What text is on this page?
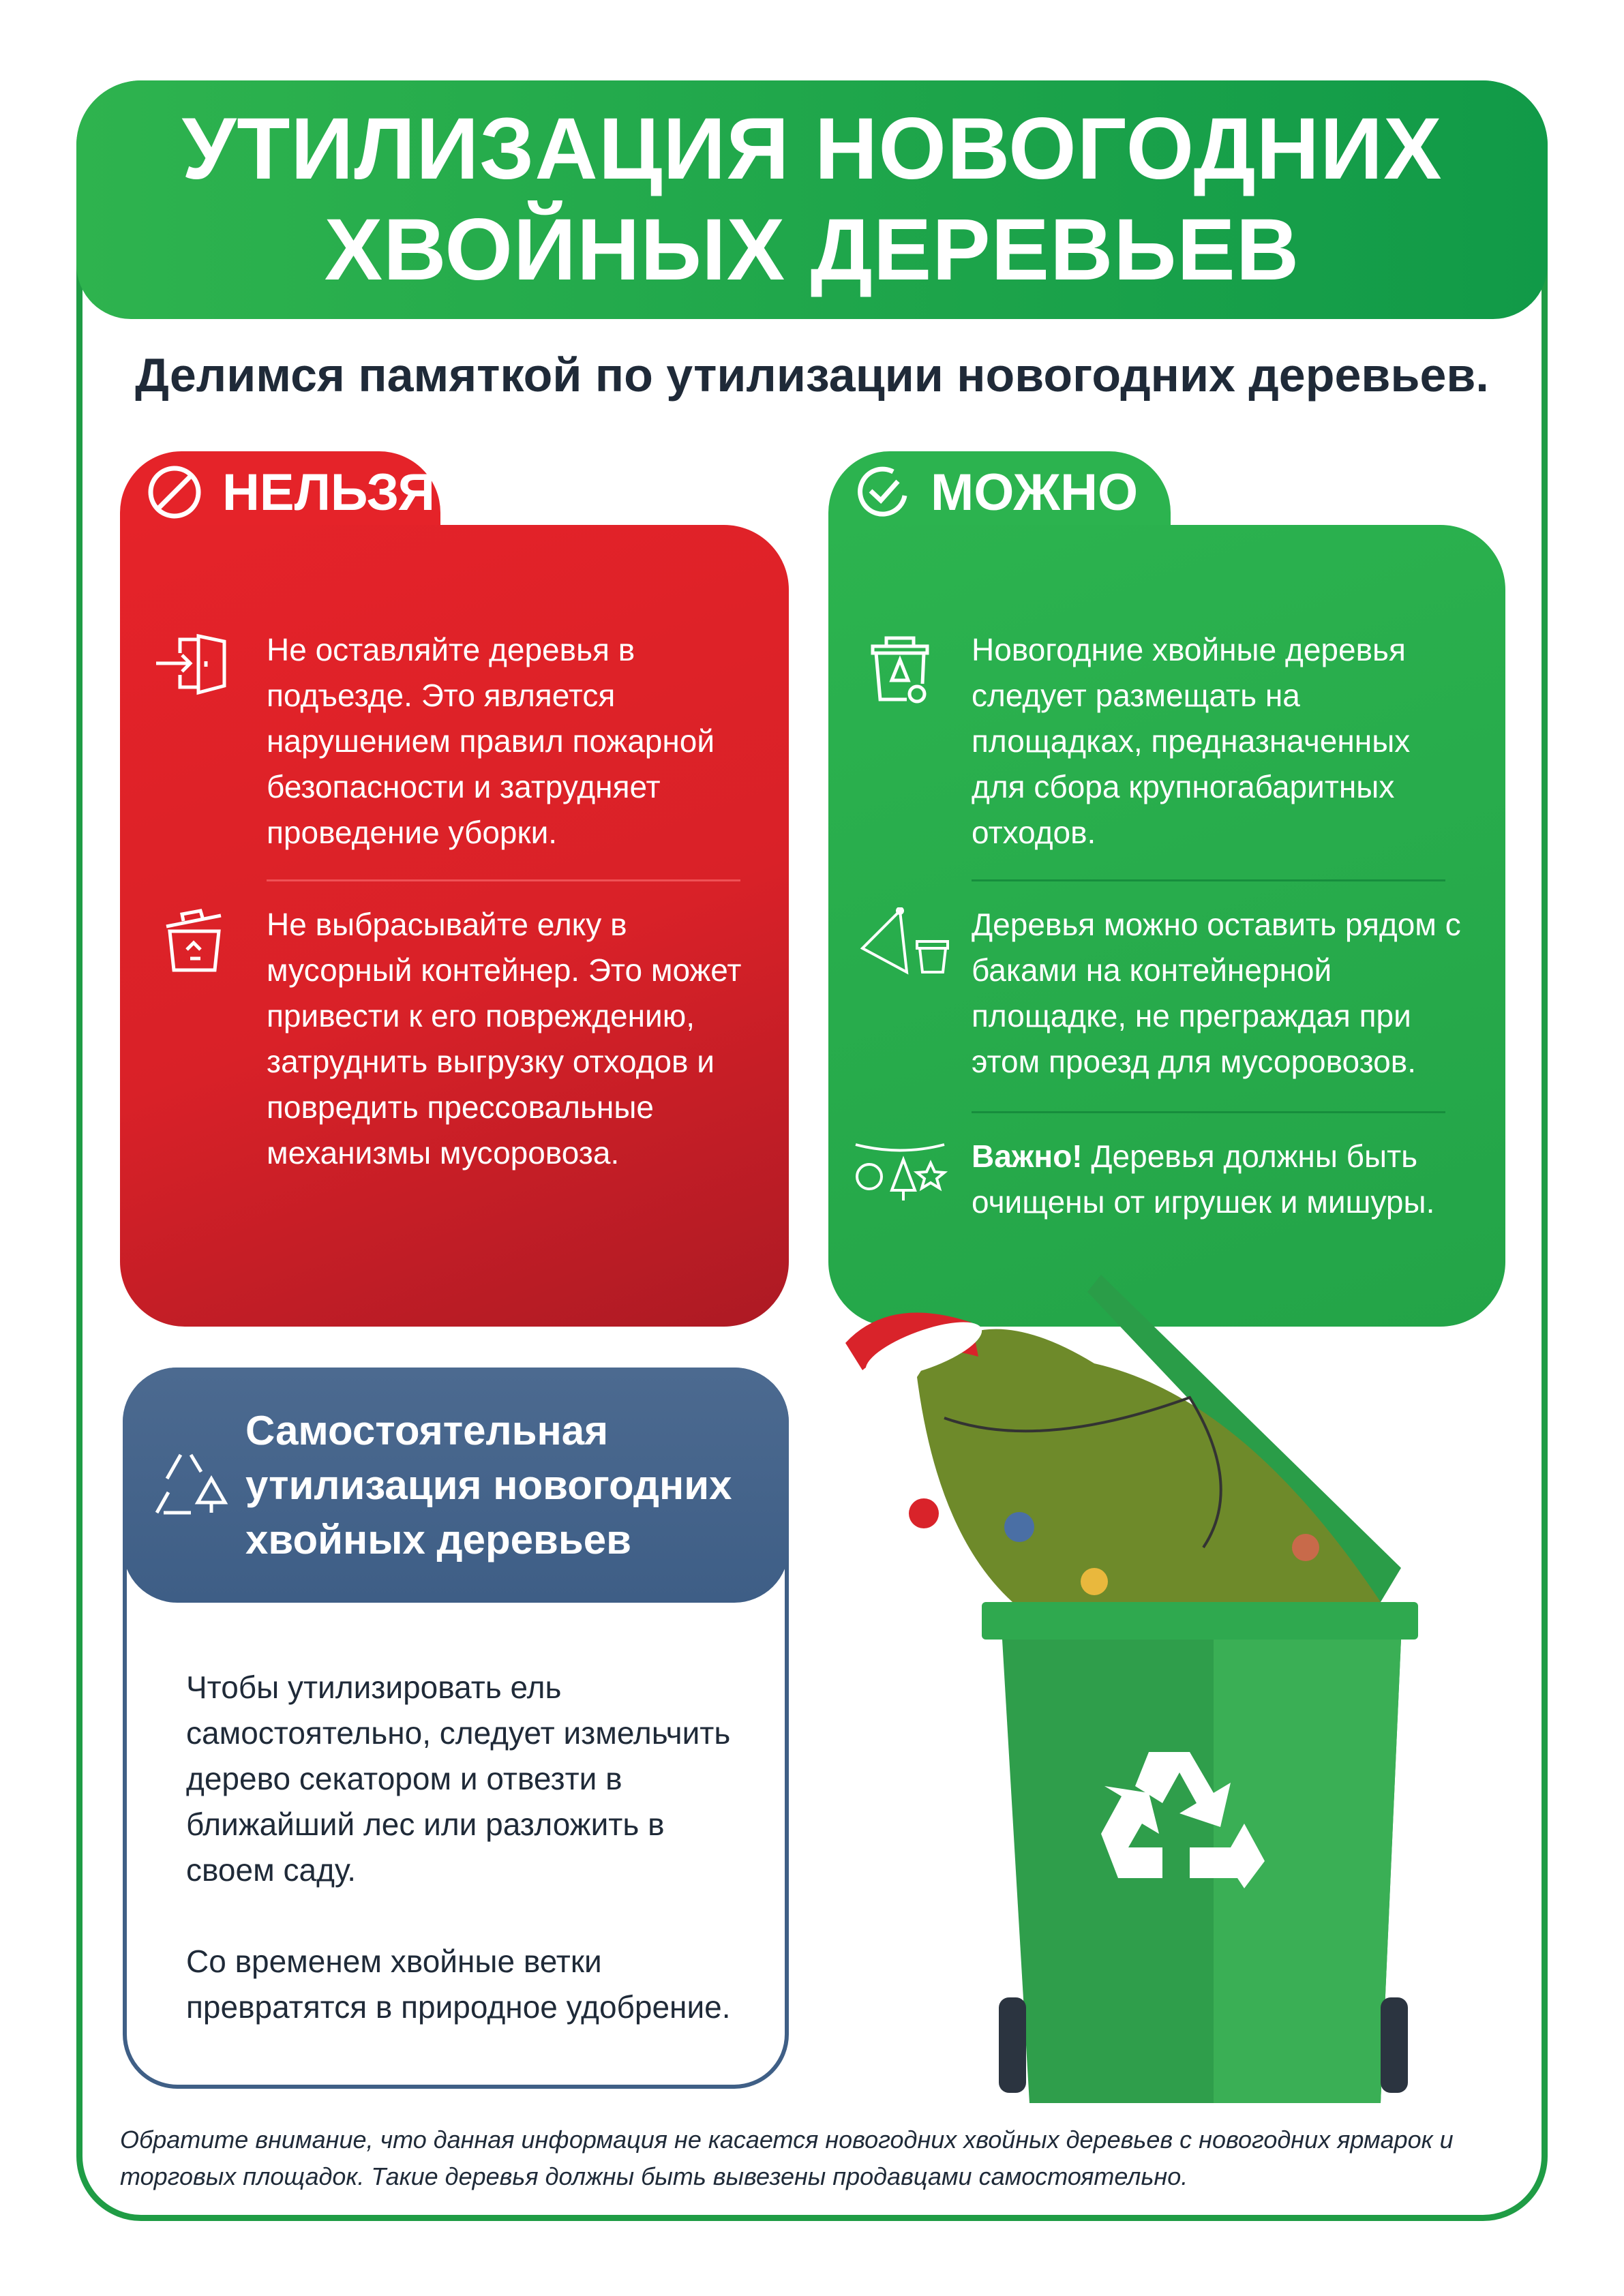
УТИЛИЗАЦИЯ НОВОГОДНИХ
ХВОЙНЫХ ДЕРЕВЬЕВ
Делимся памяткой по утилизации новогодних деревьев.
НЕЛЬЗЯ

Не оставляйте деревья в подъезде. Это является нарушением правил пожарной безопасности и затрудняет проведение уборки.

Не выбрасывайте елку в мусорный контейнер. Это может привести к его повреждению, затруднить выгрузку отходов и повредить прессовальные механизмы мусоровоза.

МОЖНО

Новогодние хвойные деревья следует размещать на площадках, предназначенных для сбора крупногабаритных отходов.

Деревья можно оставить рядом с баками на контейнерной площадке, не преграждая при этом проезд для мусоровозов.

Важно! Деревья должны быть очищены от игрушек и мишуры.

Самостоятельная утилизация новогодних хвойных деревьев

Чтобы утилизировать ель самостоятельно, следует измельчить дерево секатором и отвезти в ближайший лес или разложить в своем саду.

Со временем хвойные ветки превратятся в природное удобрение.

Обратите внимание, что данная информация не касается новогодних хвойных деревьев с новогодних ярмарок и торговых площадок. Такие деревья должны быть вывезены продавцами самостоятельно.
